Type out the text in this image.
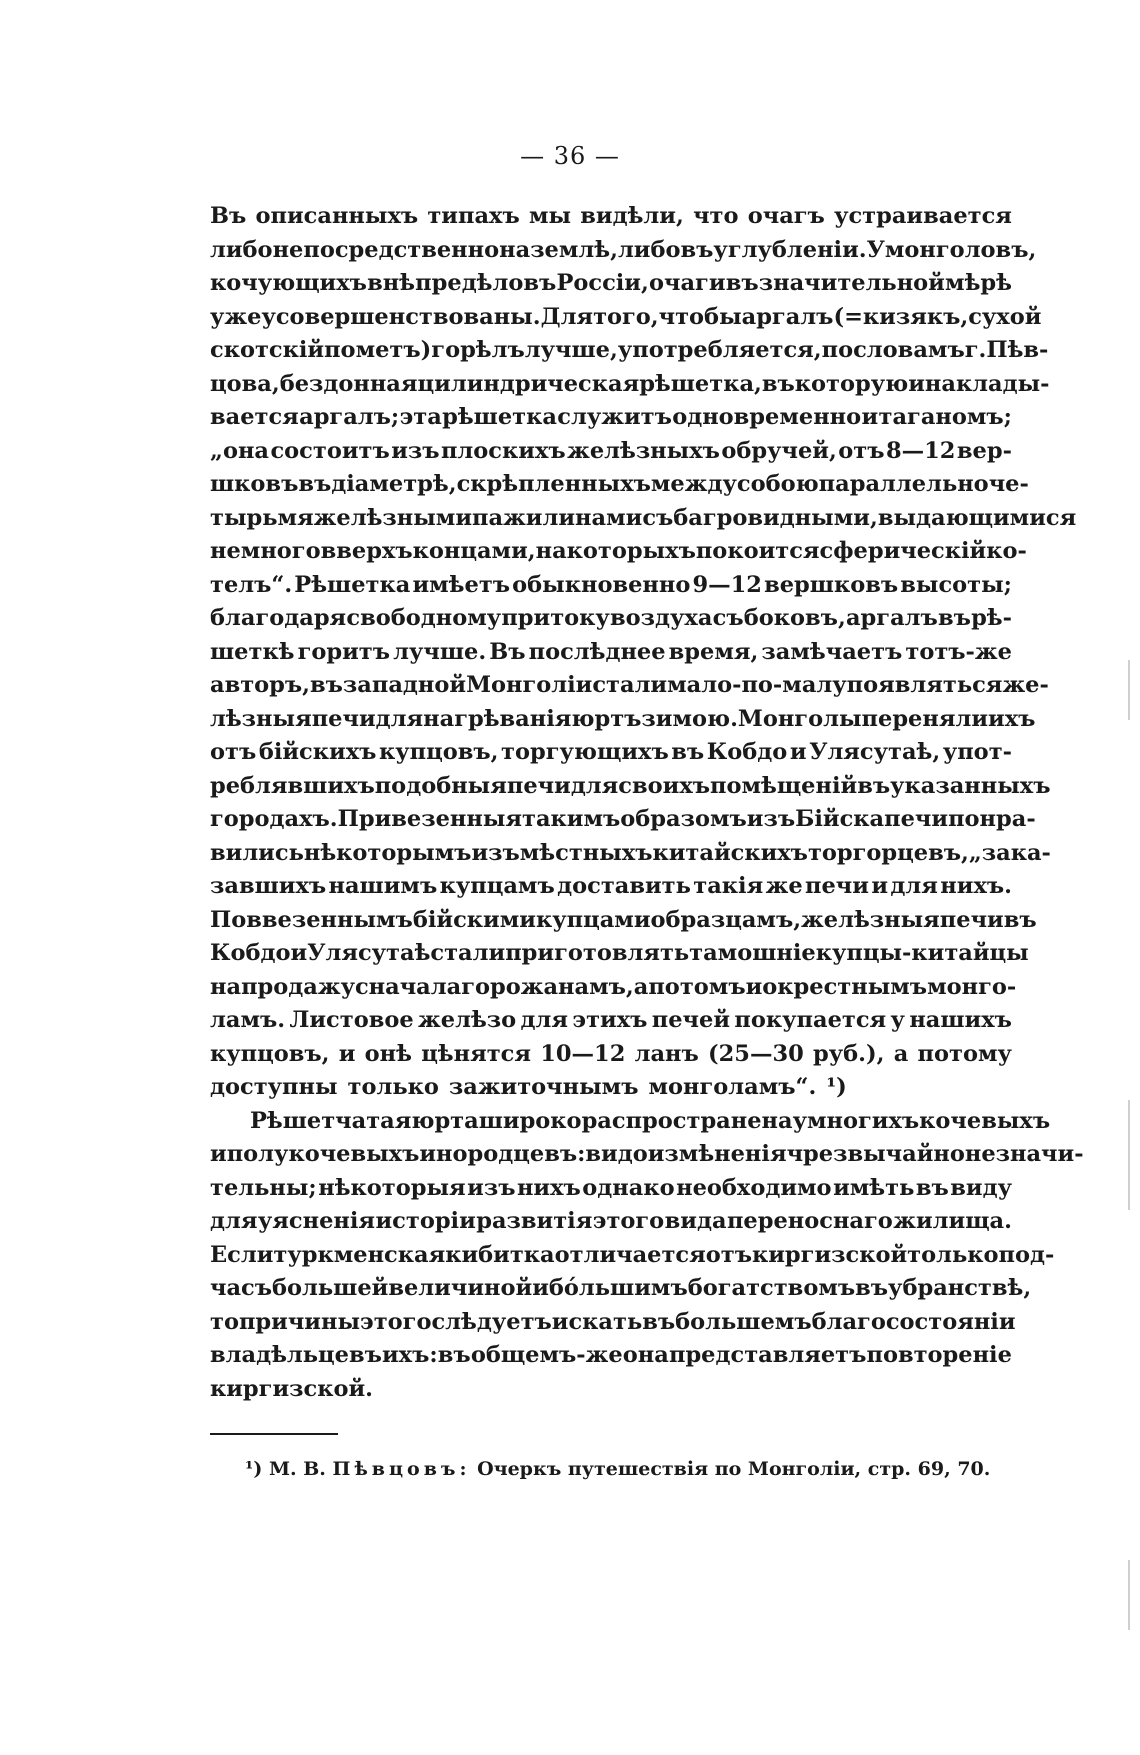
— 36 —
Въ описанныхъ типахъ мы видѣли, что очагъ устраивается
либо непосредственно на землѣ, либо въ углубленіи. У монголовъ,
кочующихъ внѣ предѣловъ Россіи, очаги въ значительной мѣрѣ
уже усовершенствованы. Для того, чтобы аргалъ (=кизякъ, сухой
скотскій пометъ) горѣлъ лучше, употребляется, по словамъ г. Пѣв-
цова, бездонная цилиндрическая рѣшетка, въ которую и наклады-
вается аргалъ; эта рѣшетка служитъ одновременно и таганомъ;
„она состоитъ изъ плоскихъ желѣзныхъ обручей, отъ 8—12 вер-
шковъ въ діаметрѣ, скрѣпленныхъ между собою параллельно че-
тырьмя желѣзными пажилинами съ багровидными, выдающимися
немного вверхъ концами, на которыхъ покоится сферическій ко-
телъ“. Рѣшетка имѣетъ обыкновенно 9—12 вершковъ высоты;
благодаря свободному притоку воздуха съ боковъ, аргалъ въ рѣ-
шеткѣ горитъ лучше. Въ послѣднее время, замѣчаетъ тотъ-же
авторъ, въ западной Монголіи стали мало-по-малу появляться же-
лѣзныя печи для нагрѣванія юртъ зимою. Монголы переняли ихъ
отъ бійскихъ купцовъ, торгующихъ въ Кобдо и Улясутаѣ, упот-
реблявшихъ подобныя печи для своихъ помѣщеній въ указанныхъ
городахъ. Привезенныя такимъ образомъ изъ Бійска печи понра-
вились нѣкоторымъ изъ мѣстныхъ китайскихъ торгорцевъ, „зака-
завшихъ нашимъ купцамъ доставить такія же печи и для нихъ.
По ввезеннымъ бійскими купцами образцамъ, желѣзныя печи въ
Кобдо и Улясутаѣ стали приготовлять тамошніе купцы-китайцы
на продажу сначала горожанамъ, а потомъ и окрестнымъ монго-
ламъ. Листовое желѣзо для этихъ печей покупается у нашихъ
купцовъ, и онѣ цѣнятся 10—12 ланъ (25—30 руб.), а потому
доступны только зажиточнымъ монголамъ“. ¹)
Рѣшетчатая юрта широко распространена у многихъ кочевыхъ
и полукочевыхъ инородцевъ: видоизмѣненія чрезвычайно незначи-
тельны; нѣкоторыя изъ нихъ однако необходимо имѣть въ виду
для уясненія исторіи развитія этого вида переноснаго жилища.
Если туркменская кибитка отличается отъ киргизской только под-
часъ большей величиной и бо́льшимъ богатствомъ въ убранствѣ,
то причины этого слѣдуетъ искать въ большемъ благосостояніи
владѣльцевъ ихъ: въ общемъ-же она представляетъ повтореніе
киргизской.
¹) М. В. Пѣвцовъ: Очеркъ путешествія по Монголіи, стр. 69, 70.
